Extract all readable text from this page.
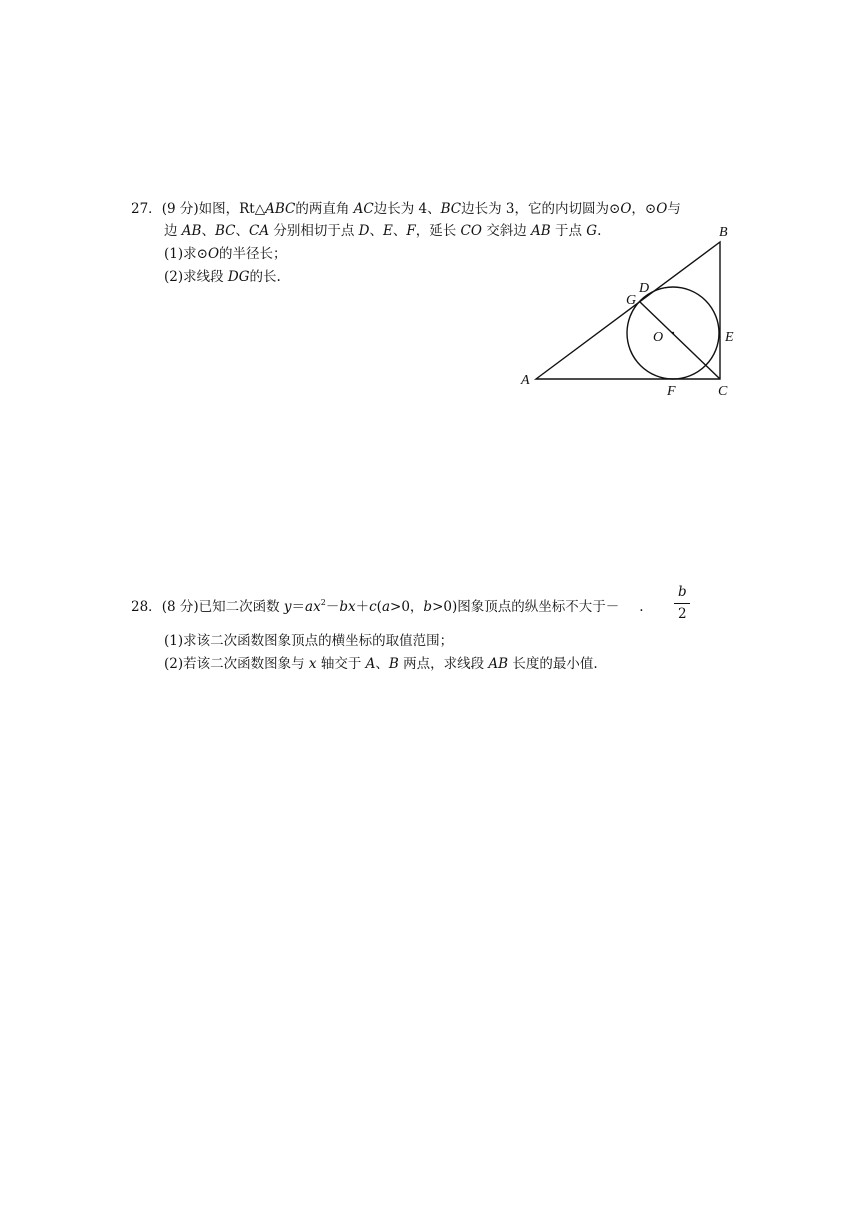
27．(9 分)如图，Rt△ABC的两直角 AC边长为 4、BC边长为 3，它的内切圆为⊙O，⊙O与
边 AB、BC、CA 分别相切于点 D、E、F，延长 CO 交斜边 AB 于点 G.
(1)求⊙O的半径长；
(2)求线段 DG的长.
A
B
C
D
E
F
G
O
28．(8 分)已知二次函数 $y=ax^2-bx+c(a>0$，b>0)图象顶点的纵坐标不大于－ .
b
2
(1)求该二次函数图象顶点的横坐标的取值范围；
(2)若该二次函数图象与 x 轴交于 A、B 两点，求线段 AB 长度的最小值.
